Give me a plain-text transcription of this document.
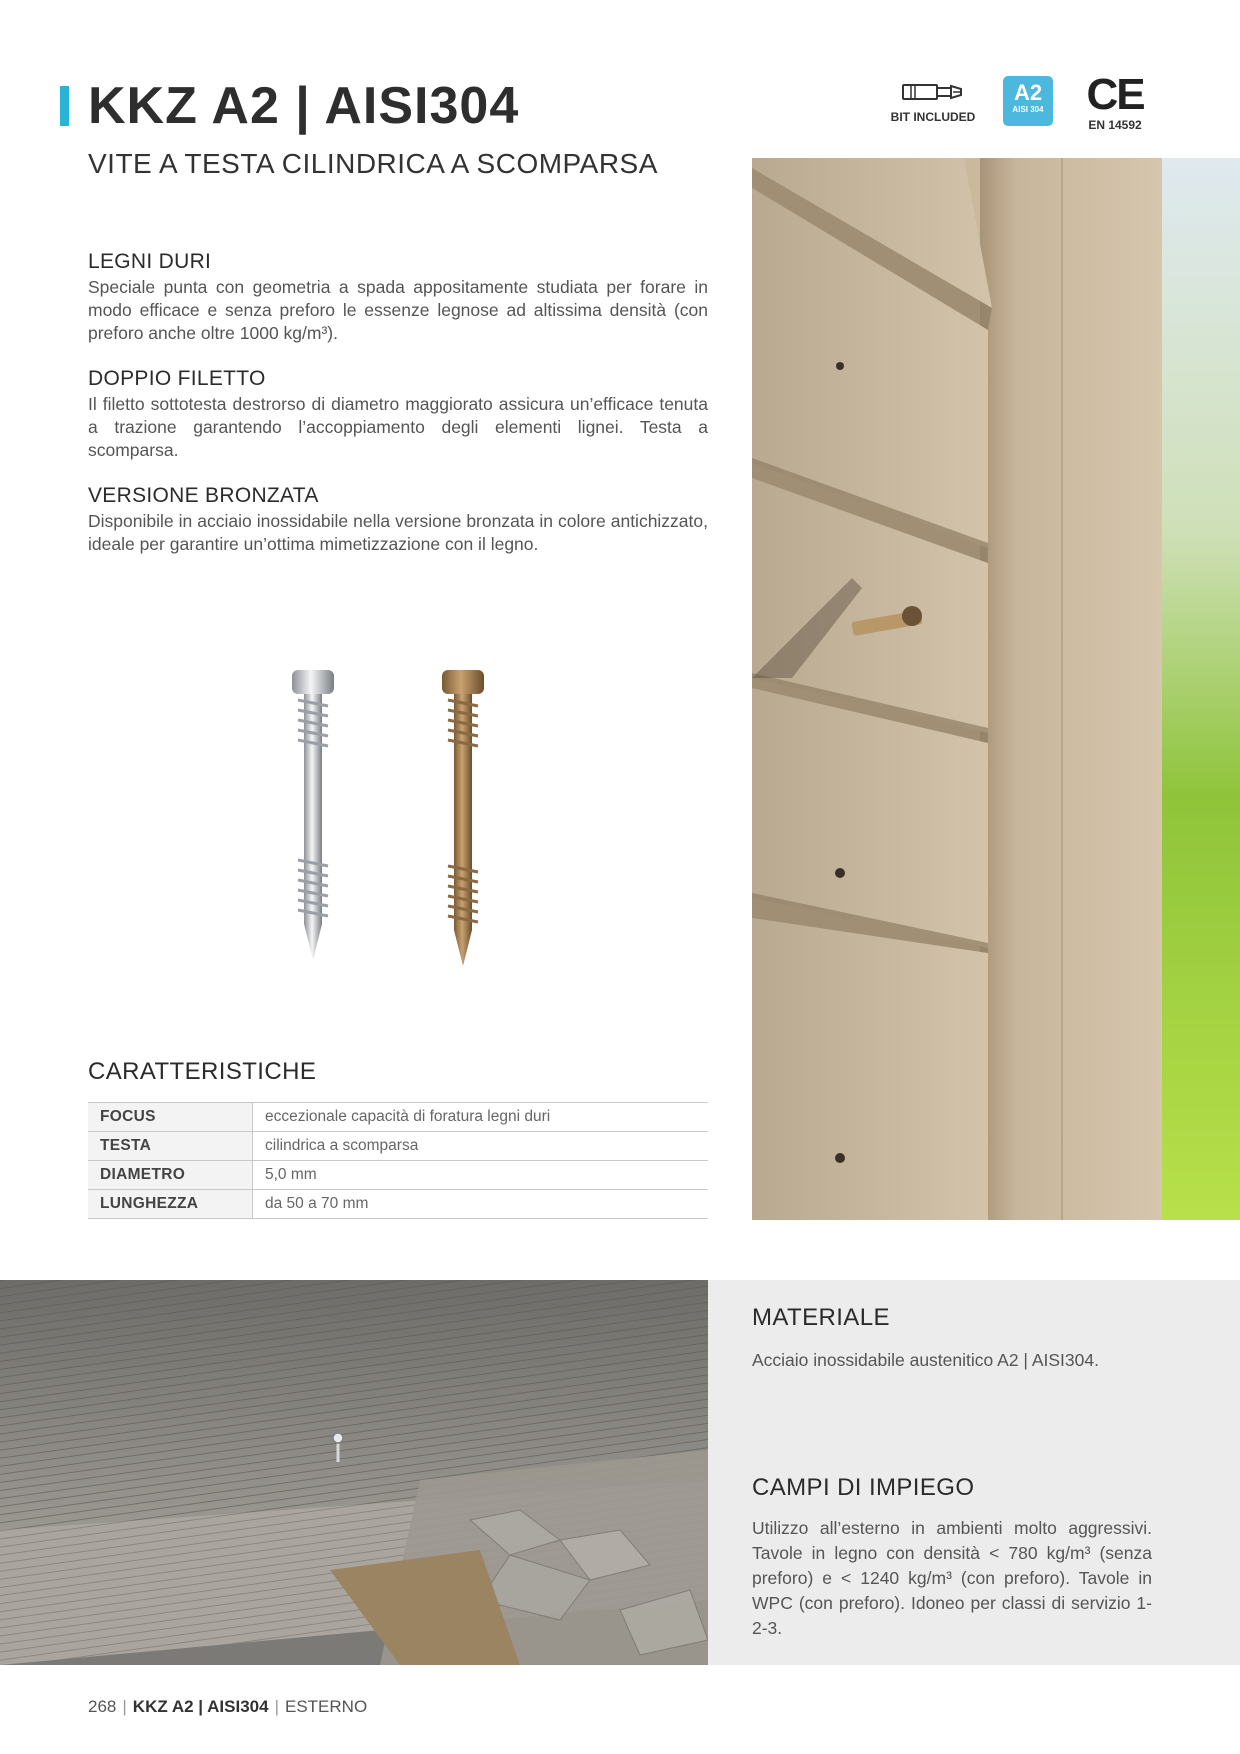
KKZ A2 | AISI304
VITE A TESTA CILINDRICA A SCOMPARSA
BIT INCLUDED
A2
AISI 304 CE
EN 14592
LEGNI DURI

Speciale punta con geometria a spada appositamente studiata per forare in modo efficace e senza preforo le essenze legnose ad altissima densità (con preforo anche oltre 1000 kg/m³).

DOPPIO FILETTO

Il filetto sottotesta destrorso di diametro maggiorato assicura un’efficace tenuta a trazione garantendo l’accoppiamento degli elementi lignei. Testa a scomparsa.

VERSIONE BRONZATA

Disponibile in acciaio inossidabile nella versione bronzata in colore antichizzato, ideale per garantire un’ottima mimetizzazione con il legno.

CARATTERISTICHE
FOCUS	eccezionale capacità di foratura legni duri
TESTA	cilindrica a scomparsa
DIAMETRO	5,0 mm
LUNGHEZZA	da 50 a 70 mm
MATERIALE
Acciaio inossidabile austenitico A2 | AISI304.
CAMPI DI IMPIEGO
Utilizzo all’esterno in ambienti molto aggressivi. Tavole in legno con densità < 780 kg/m³ (senza preforo) e < 1240 kg/m³ (con preforo). Tavole in WPC (con preforo). Idoneo per classi di servizio 1-2-3.
268 | KKZ A2 | AISI304 | ESTERNO
